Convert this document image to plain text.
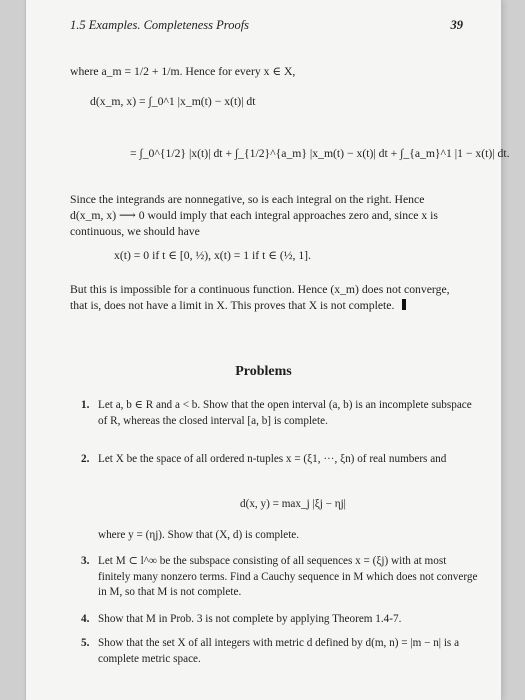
1.5 Examples. Completeness Proofs	39
where a_m = 1/2 + 1/m. Hence for every x ∈ X,
d(x_m, x) = ∫_0^1 |x_m(t) − x(t)| dt
= ∫_0^{1/2} |x(t)| dt + ∫_{1/2}^{a_m} |x_m(t) − x(t)| dt + ∫_{a_m}^1 |1 − x(t)| dt.
Since the integrands are nonnegative, so is each integral on the right. Hence d(x_m, x) ⟶ 0 would imply that each integral approaches zero and, since x is continuous, we should have
x(t) = 0 if t ∈ [0, ½), x(t) = 1 if t ∈ (½, 1].
But this is impossible for a continuous function. Hence (x_m) does not converge, that is, does not have a limit in X. This proves that X is not complete.
Problems
1. Let a, b ∈ R and a < b. Show that the open interval (a, b) is an incomplete subspace of R, whereas the closed interval [a, b] is complete.
2. Let X be the space of all ordered n-tuples x = (ξ1, ···, ξn) of real numbers and
d(x, y) = max_j |ξj − ηj|
where y = (ηj). Show that (X, d) is complete.
3. Let M ⊂ l^∞ be the subspace consisting of all sequences x = (ξj) with at most finitely many nonzero terms. Find a Cauchy sequence in M which does not converge in M, so that M is not complete.
4. Show that M in Prob. 3 is not complete by applying Theorem 1.4-7.
5. Show that the set X of all integers with metric d defined by d(m, n) = |m − n| is a complete metric space.
